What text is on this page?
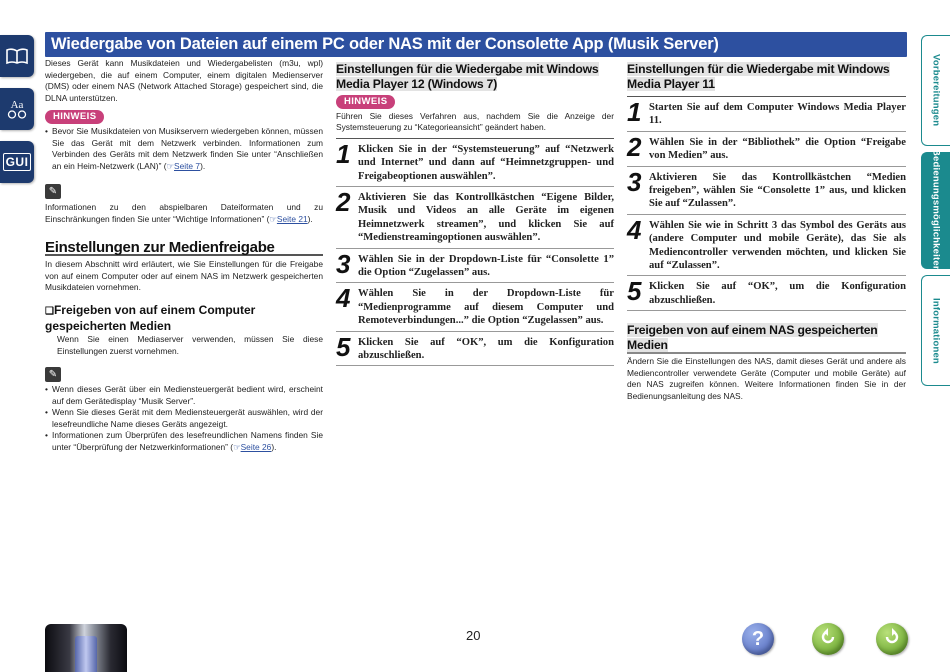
Aa
GUI
Wiedergabe von Dateien auf einem PC oder NAS mit der Consolette App (Musik Server)
Vorbereitungen
Bedienungsmöglichkeiten
Informationen

Dieses Gerät kann Musikdateien und Wiedergabelisten (m3u, wpl) wiedergeben, die auf einem Computer, einem digitalen Medienserver (DMS) oder einem NAS (Network Attached Storage) gespeichert sind, die DLNA unterstützen.

HINWEIS
• Bevor Sie Musikdateien von Musikservern wiedergeben können, müssen Sie das Gerät mit dem Netzwerk verbinden. Informationen zum Verbinden des Geräts mit dem Netzwerk finden Sie unter “Anschließen an ein Heim-Netzwerk (LAN)” (☞Seite 7).
✎

Informationen zu den abspielbaren Dateiformaten und zu Einschränkungen finden Sie unter “Wichtige Informationen” (☞Seite 21).

Einstellungen zur Medienfreigabe

In diesem Abschnitt wird erläutert, wie Sie Einstellungen für die Freigabe von auf einem Computer oder auf einem NAS im Netzwerk gespeicherten Musikdateien vornehmen.

❑Freigeben von auf einem Computer gespeicherten Medien

Wenn Sie einen Mediaserver verwenden, müssen Sie diese Einstellungen zuerst vornehmen.

✎
• Wenn dieses Gerät über ein Mediensteuergerät bedient wird, erscheint auf dem Gerätedisplay “Musik Server”.
• Wenn Sie dieses Gerät mit dem Mediensteuergerät auswählen, wird der lesefreundliche Name dieses Geräts angezeigt.
• Informationen zum Überprüfen des lesefreundlichen Namens finden Sie unter “Überprüfung der Netzwerkinformationen” (☞Seite 26).
Einstellungen für die Wiedergabe mit Windows Media Player 12 (Windows 7)
HINWEIS

Führen Sie dieses Verfahren aus, nachdem Sie die Anzeige der Systemsteuerung zu “Kategorieansicht” geändert haben.

1 Klicken Sie in der “Systemsteuerung” auf “Netzwerk und Internet” und dann auf “Heimnetzgruppen- und Freigabeoptionen auswählen”.
2 Aktivieren Sie das Kontrollkästchen “Eigene Bilder, Musik und Videos an alle Geräte im eigenen Heimnetzwerk streamen”, und klicken Sie auf “Medienstreamingoptionen auswählen”.
3 Wählen Sie in der Dropdown-Liste für “Consolette 1” die Option “Zugelassen” aus.
4 Wählen Sie in der Dropdown-Liste für “Medienprogramme auf diesem Computer und Remoteverbindungen...” die Option “Zugelassen” aus.
5 Klicken Sie auf “OK”, um die Konfiguration abzuschließen.
Einstellungen für die Wiedergabe mit Windows Media Player 11
1 Starten Sie auf dem Computer Windows Media Player 11.
2 Wählen Sie in der “Bibliothek” die Option “Freigabe von Medien” aus.
3 Aktivieren Sie das Kontrollkästchen “Medien freigeben”, wählen Sie “Consolette 1” aus, und klicken Sie auf “Zulassen”.
4 Wählen Sie wie in Schritt 3 das Symbol des Geräts aus (andere Computer und mobile Geräte), das Sie als Mediencontroller verwenden möchten, und klicken Sie auf “Zulassen”.
5 Klicken Sie auf “OK”, um die Konfiguration abzuschließen.
Freigeben von auf einem NAS gespeicherten Medien

Ändern Sie die Einstellungen des NAS, damit dieses Gerät und andere als Mediencontroller verwendete Geräte (Computer und mobile Geräte) auf den NAS zugreifen können. Weitere Informationen finden Sie in der Bedienungsanleitung des NAS.

20	?
